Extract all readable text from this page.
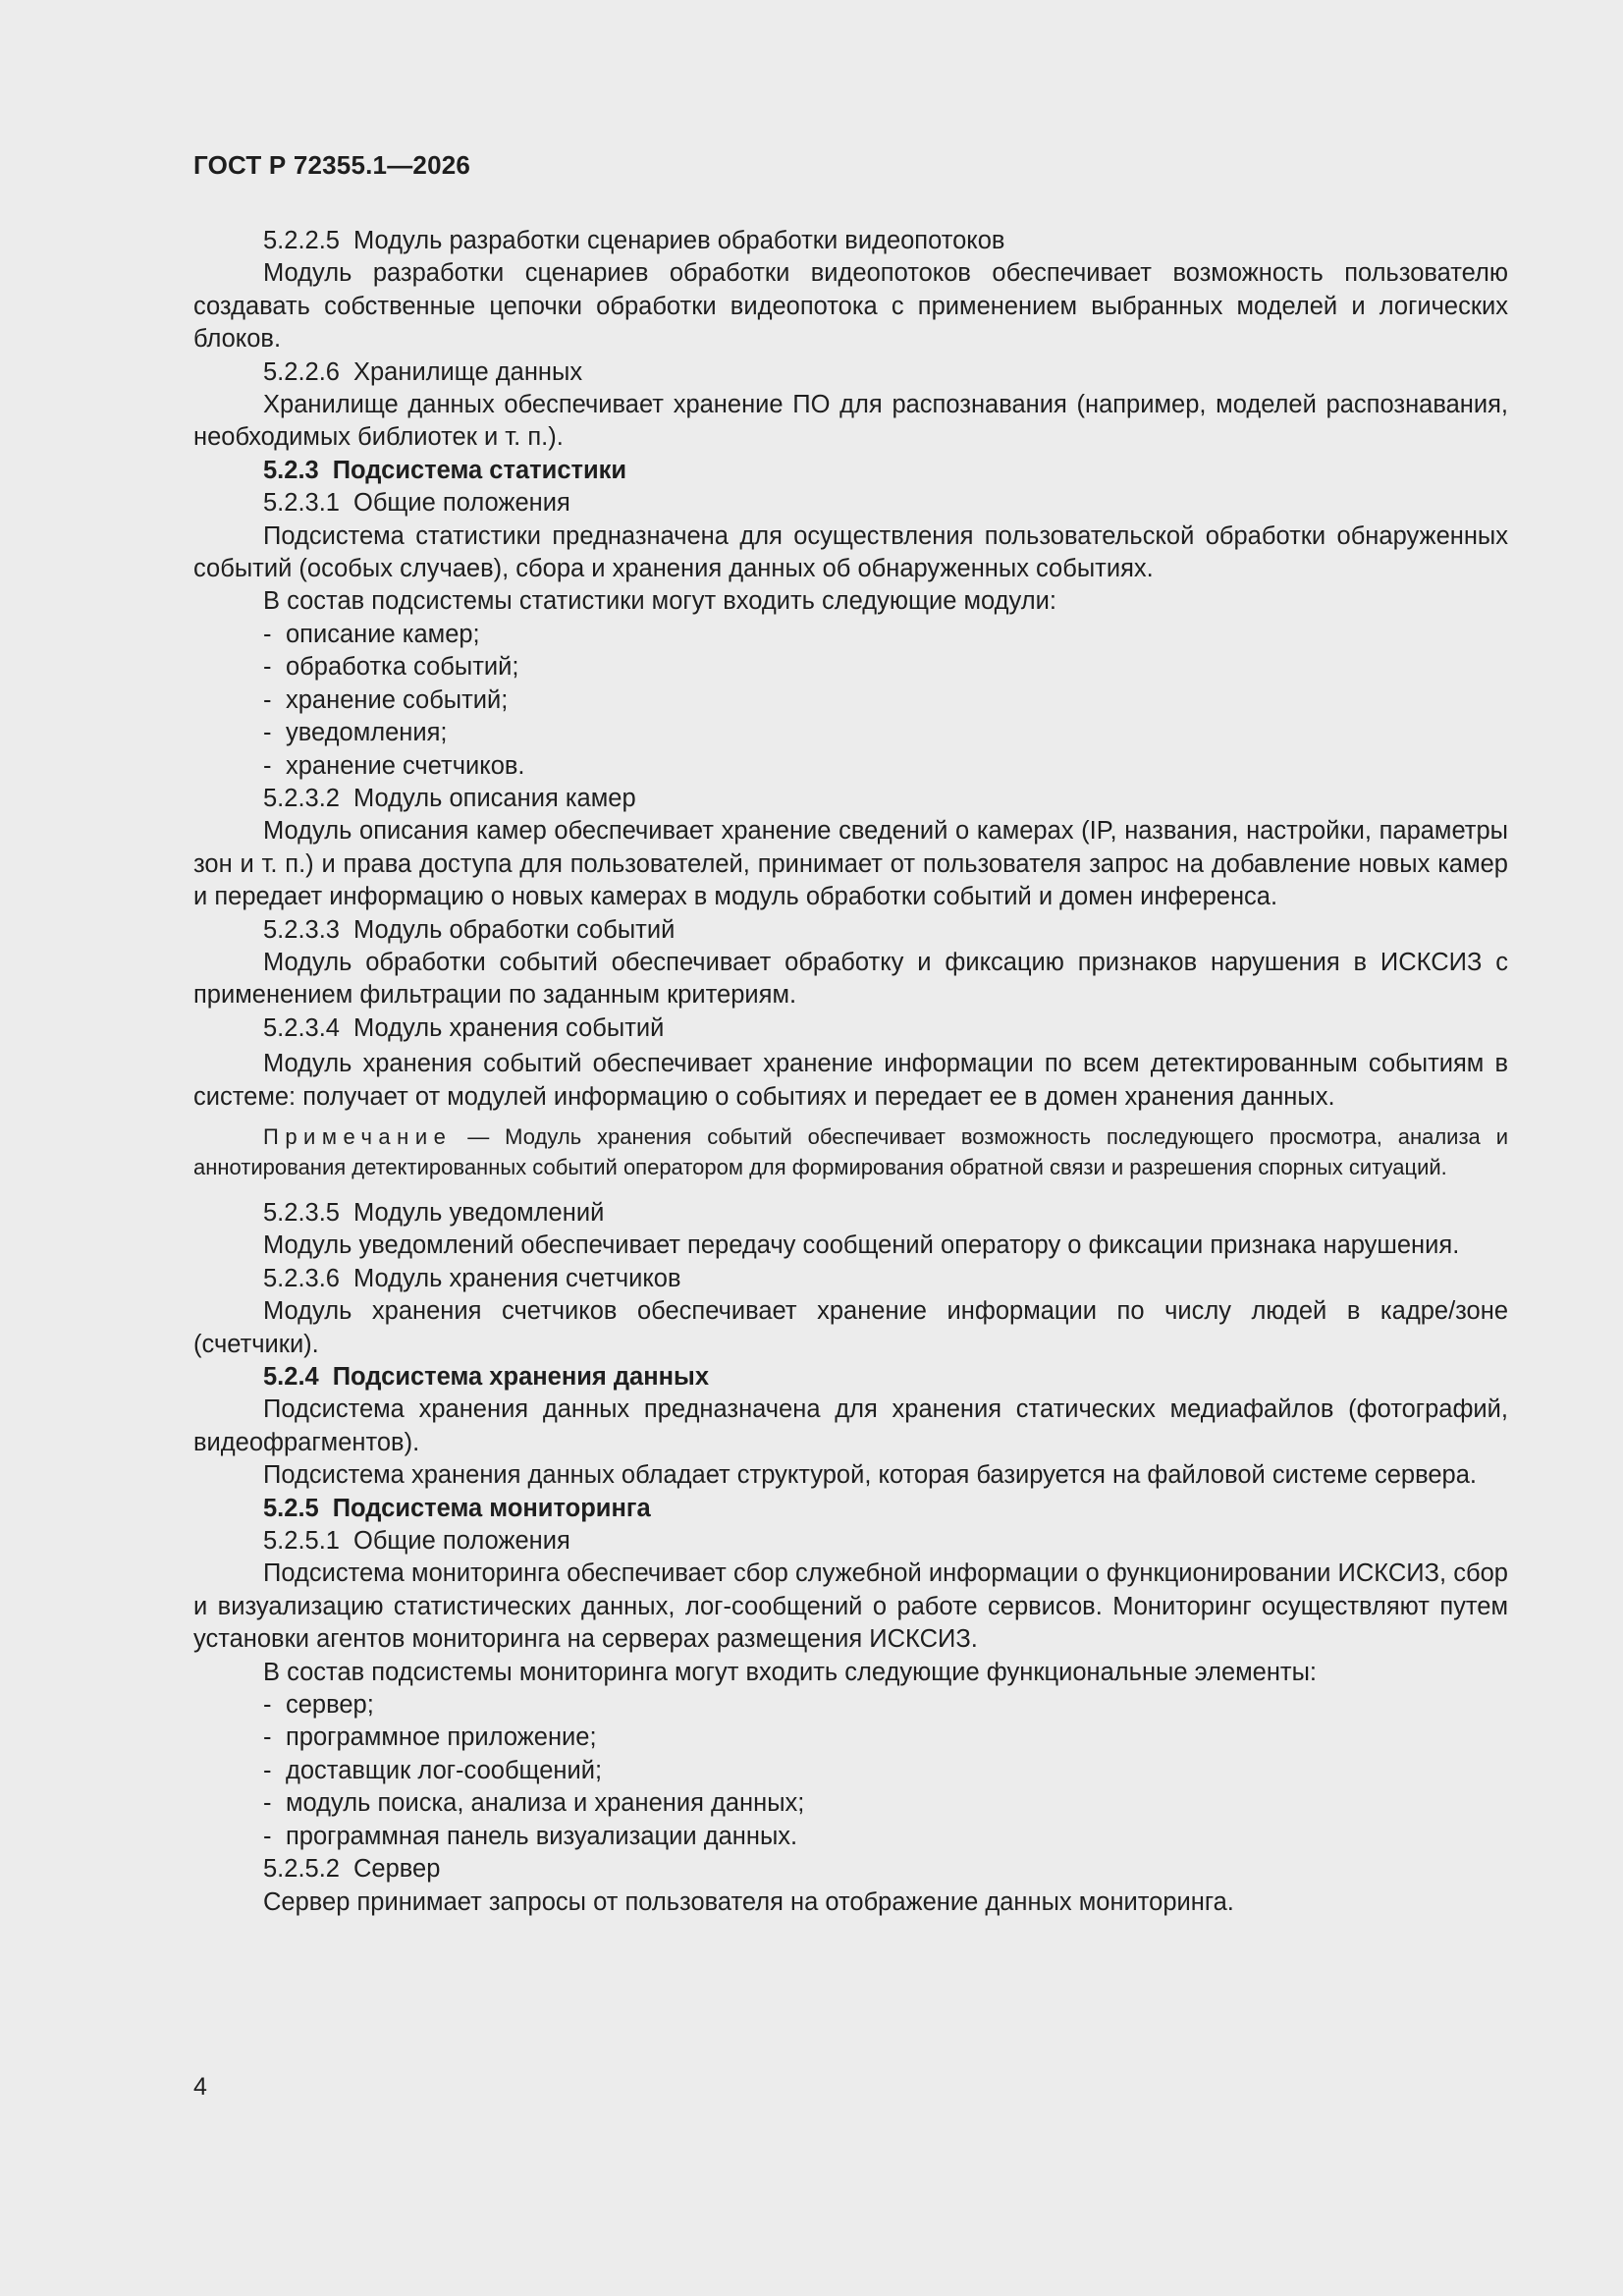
ГОСТ Р 72355.1—2026

5.2.2.5 Модуль разработки сценариев обработки видеопотоков

Модуль разработки сценариев обработки видеопотоков обеспечивает возможность пользователю создавать собственные цепочки обработки видеопотока с применением выбранных моделей и логических блоков.

5.2.2.6 Хранилище данных

Хранилище данных обеспечивает хранение ПО для распознавания (например, моделей распознавания, необходимых библиотек и т. п.).

5.2.3 Подсистема статистики

5.2.3.1 Общие положения

Подсистема статистики предназначена для осуществления пользовательской обработки обнаруженных событий (особых случаев), сбора и хранения данных об обнаруженных событиях.

В состав подсистемы статистики могут входить следующие модули:

- описание камер;

- обработка событий;

- хранение событий;

- уведомления;

- хранение счетчиков.

5.2.3.2 Модуль описания камер

Модуль описания камер обеспечивает хранение сведений о камерах (IP, названия, настройки, параметры зон и т. п.) и права доступа для пользователей, принимает от пользователя запрос на добавление новых камер и передает информацию о новых камерах в модуль обработки событий и домен инференса.

5.2.3.3 Модуль обработки событий

Модуль обработки событий обеспечивает обработку и фиксацию признаков нарушения в ИСКСИЗ с применением фильтрации по заданным критериям.

5.2.3.4 Модуль хранения событий

Модуль хранения событий обеспечивает хранение информации по всем детектированным событиям в системе: получает от модулей информацию о событиях и передает ее в домен хранения данных.

Примечание — Модуль хранения событий обеспечивает возможность последующего просмотра, анализа и аннотирования детектированных событий оператором для формирования обратной связи и разрешения спорных ситуаций.

5.2.3.5 Модуль уведомлений

Модуль уведомлений обеспечивает передачу сообщений оператору о фиксации признака нарушения.

5.2.3.6 Модуль хранения счетчиков

Модуль хранения счетчиков обеспечивает хранение информации по числу людей в кадре/зоне (счетчики).

5.2.4 Подсистема хранения данных

Подсистема хранения данных предназначена для хранения статических медиафайлов (фотографий, видеофрагментов).

Подсистема хранения данных обладает структурой, которая базируется на файловой системе сервера.

5.2.5 Подсистема мониторинга

5.2.5.1 Общие положения

Подсистема мониторинга обеспечивает сбор служебной информации о функционировании ИСКСИЗ, сбор и визуализацию статистических данных, лог-сообщений о работе сервисов. Мониторинг осуществляют путем установки агентов мониторинга на серверах размещения ИСКСИЗ.

В состав подсистемы мониторинга могут входить следующие функциональные элементы:

- сервер;

- программное приложение;

- доставщик лог-сообщений;

- модуль поиска, анализа и хранения данных;

- программная панель визуализации данных.

5.2.5.2 Сервер

Сервер принимает запросы от пользователя на отображение данных мониторинга.

4
